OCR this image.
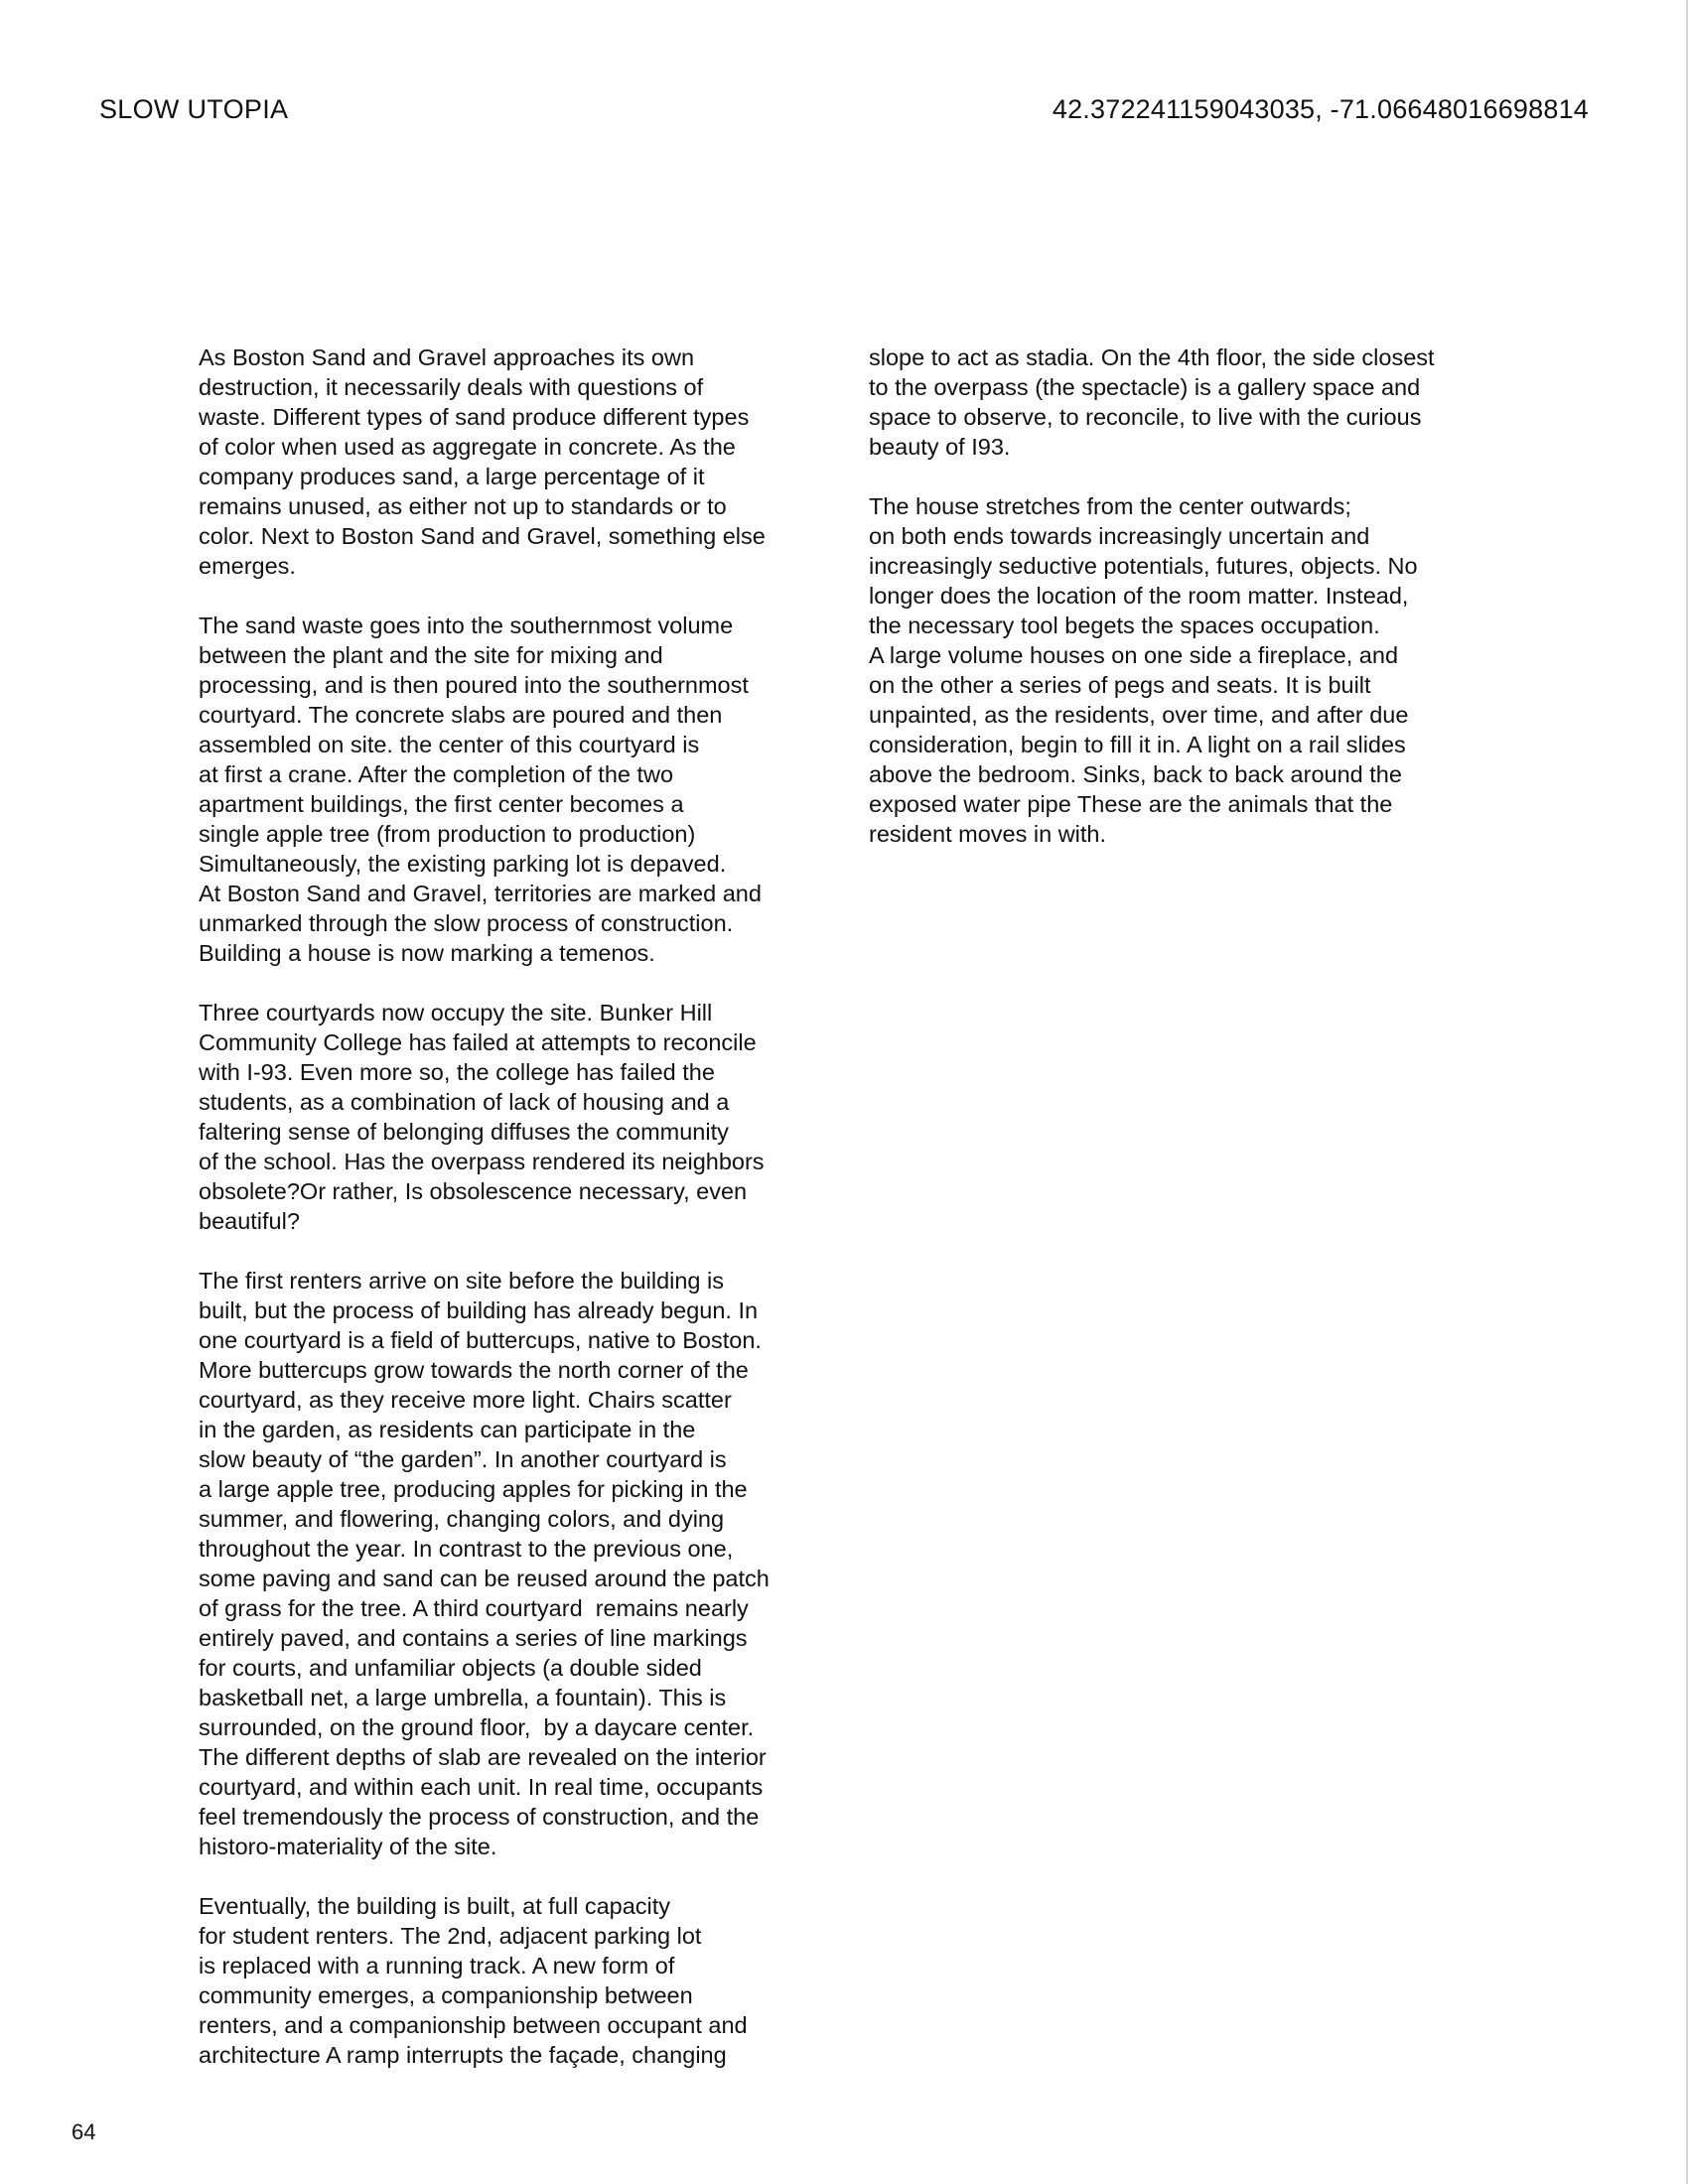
SLOW UTOPIA	42.372241159043035, -71.06648016698814
As Boston Sand and Gravel approaches its own
destruction, it necessarily deals with questions of
waste. Different types of sand produce different types
of color when used as aggregate in concrete. As the
company produces sand, a large percentage of it
remains unused, as either not up to standards or to
color. Next to Boston Sand and Gravel, something else
emerges.
The sand waste goes into the southernmost volume
between the plant and the site for mixing and
processing, and is then poured into the southernmost
courtyard. The concrete slabs are poured and then
assembled on site. the center of this courtyard is
at first a crane. After the completion of the two
apartment buildings, the first center becomes a
single apple tree (from production to production)
Simultaneously, the existing parking lot is depaved.
At Boston Sand and Gravel, territories are marked and
unmarked through the slow process of construction.
Building a house is now marking a temenos.
Three courtyards now occupy the site. Bunker Hill
Community College has failed at attempts to reconcile
with I-93. Even more so, the college has failed the
students, as a combination of lack of housing and a
faltering sense of belonging diffuses the community
of the school. Has the overpass rendered its neighbors
obsolete?Or rather, Is obsolescence necessary, even
beautiful?
The first renters arrive on site before the building is
built, but the process of building has already begun. In
one courtyard is a field of buttercups, native to Boston.
More buttercups grow towards the north corner of the
courtyard, as they receive more light. Chairs scatter
in the garden, as residents can participate in the
slow beauty of “the garden”. In another courtyard is
a large apple tree, producing apples for picking in the
summer, and flowering, changing colors, and dying
throughout the year. In contrast to the previous one,
some paving and sand can be reused around the patch
of grass for the tree. A third courtyard  remains nearly
entirely paved, and contains a series of line markings
for courts, and unfamiliar objects (a double sided
basketball net, a large umbrella, a fountain). This is
surrounded, on the ground floor,  by a daycare center.
The different depths of slab are revealed on the interior
courtyard, and within each unit. In real time, occupants
feel tremendously the process of construction, and the
historo-materiality of the site.
Eventually, the building is built, at full capacity
for student renters. The 2nd, adjacent parking lot
is replaced with a running track. A new form of
community emerges, a companionship between
renters, and a companionship between occupant and
architecture A ramp interrupts the façade, changing
slope to act as stadia. On the 4th floor, the side closest
to the overpass (the spectacle) is a gallery space and
space to observe, to reconcile, to live with the curious
beauty of I93.
The house stretches from the center outwards;
on both ends towards increasingly uncertain and
increasingly seductive potentials, futures, objects. No
longer does the location of the room matter. Instead,
the necessary tool begets the spaces occupation.
A large volume houses on one side a fireplace, and
on the other a series of pegs and seats. It is built
unpainted, as the residents, over time, and after due
consideration, begin to fill it in. A light on a rail slides
above the bedroom. Sinks, back to back around the
exposed water pipe These are the animals that the
resident moves in with.
64
